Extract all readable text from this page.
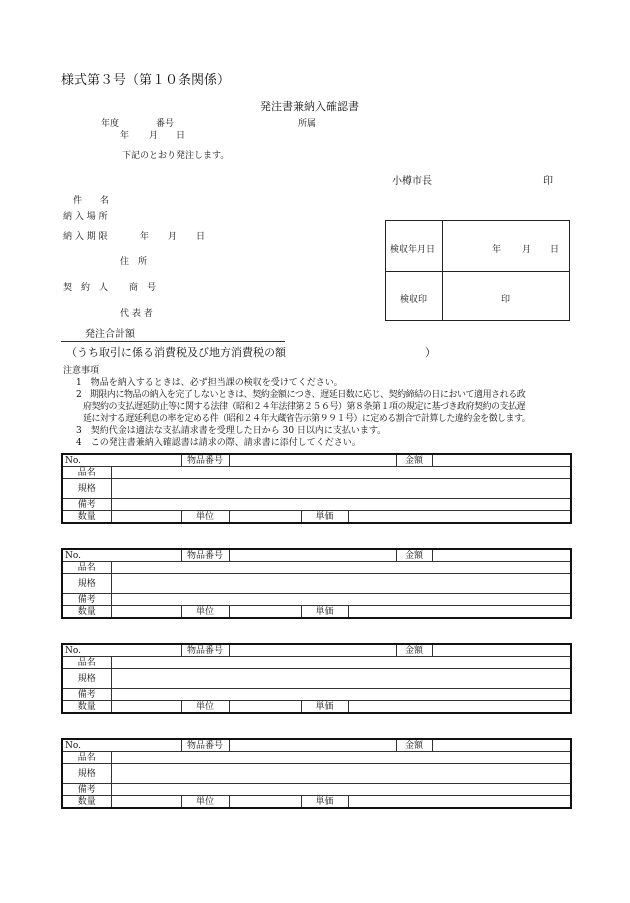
様式第３号（第１０条関係）
発注書兼納入確認書
年度	番号	所属
年 月 日
下記のとおり発注します。
小樽市長	印
件　　名
納 入 場 所
納 入 期 限	年 月 日
住　所
契　約　人 商　号
代 表 者
検収年月日	年 月 日
検収印	印
発注合計額
（うち取引に係る消費税及び地方消費税の額	）
注意事項
1　物品を納入するときは、必ず担当課の検収を受けてください。
2　期限内に物品の納入を完了しないときは、契約金額につき、遅延日数に応じ、契約締結の日において適用される政
府契約の支払遅延防止等に関する法律（昭和２４年法律第２５６号）第８条第１項の規定に基づき政府契約の支払遅
延に対する遅延利息の率を定める件（昭和２４年大蔵省告示第９９１号）に定める割合で計算した違約金を徴します。
3　契約代金は適法な支払請求書を受理した日から 30 日以内に支払います。
4　この発注書兼納入確認書は請求の際、請求書に添付してください。
No.		物品番号				金額	
品名							
規格							
備考							
数量		単位		単価			
No.		物品番号				金額	
品名							
規格							
備考							
数量		単位		単価			
No.		物品番号				金額	
品名							
規格							
備考							
数量		単位		単価			
No.		物品番号				金額	
品名							
規格							
備考							
数量		単位		単価			
